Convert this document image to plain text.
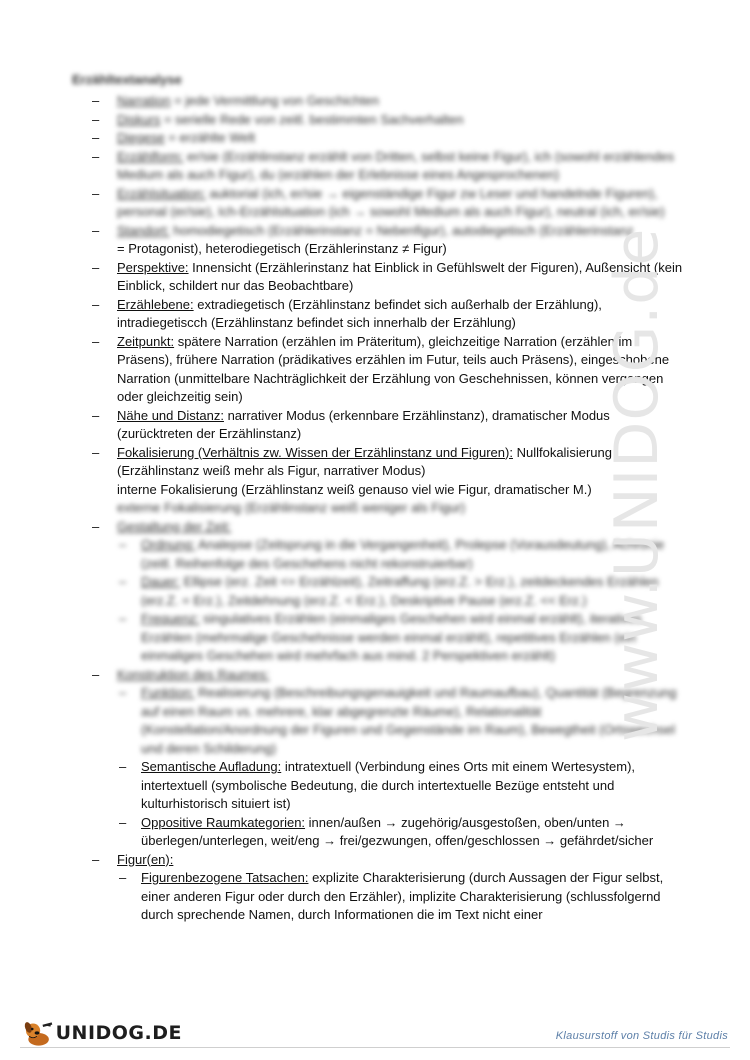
Erzähltextanalyse
– Narration = jede Vermittlung von Geschichten
– Diskurs = serielle Rede von zeitl. bestimmten Sachverhalten
– Diegese = erzählte Welt
– Erzählform: er/sie (Erzählinstanz erzählt von Dritten, selbst keine Figur), ich (sowohl erzählendes Medium als auch Figur), du (erzählen der Erlebnisse eines Angesprochenen)
– Erzählsituation: auktorial (ich, er/sie → eigenständige Figur zw Leser und handelnde Figuren), personal (er/sie), Ich-Erzählsituation (ich → sowohl Medium als auch Figur), neutral (ich, er/sie)
– Standort: homodiegetisch (Erzählerinstanz = Nebenfigur), autodiegetisch (Erzählerinstanz
= Protagonist), heterodiegetisch (Erzählerinstanz ≠ Figur)
– Perspektive: Innensicht (Erzählerinstanz hat Einblick in Gefühlswelt der Figuren), Außensicht (kein Einblick, schildert nur das Beobachtbare)
– Erzählebene: extradiegetisch (Erzählinstanz befindet sich außerhalb der Erzählung), intradiegetiscch (Erzählinstanz befindet sich innerhalb der Erzählung)
– Zeitpunkt: spätere Narration (erzählen im Präteritum), gleichzeitige Narration (erzählen im Präsens), frühere Narration (prädikatives erzählen im Futur, teils auch Präsens), eingeschobene Narration (unmittelbare Nachträglichkeit der Erzählung von Geschehnissen, können vergangen oder gleichzeitig sein)
– Nähe und Distanz: narrativer Modus (erkennbare Erzählinstanz), dramatischer Modus (zurücktreten der Erzählinstanz)
– Fokalisierung (Verhältnis zw. Wissen der Erzählinstanz und Figuren): Nullfokalisierung (Erzählinstanz weiß mehr als Figur, narrativer Modus)
interne Fokalisierung (Erzählinstanz weiß genauso viel wie Figur, dramatischer M.)
externe Fokalisierung (Erzählinstanz weiß weniger als Figur)
– Gestaltung der Zeit:
– Ordnung: Analepse (Zeitsprung in die Vergangenheit), Prolepse (Vorausdeutung), Achronie (zeitl. Reihenfolge des Geschehens nicht rekonstruierbar)
– Dauer: Ellipse (erz. Zeit <= Erzählzeit), Zeitraffung (erz.Z. > Erz.), zeitdeckendes Erzählen (erz.Z. = Erz.), Zeitdehnung (erz.Z. < Erz.), Deskriptive Pause (erz.Z. << Erz.)
– Frequenz: singulatives Erzählen (einmaliges Geschehen wird einmal erzählt), iteratives Erzählen (mehrmalige Geschehnisse werden einmal erzählt), repetitives Erzählen (ein einmaliges Geschehen wird mehrfach aus mind. 2 Perspektiven erzählt)
– Konstruktion des Raumes:
– Funktion: Realisierung (Beschreibungsgenauigkeit und Raumaufbau), Quantität (Begrenzung auf einen Raum vs. mehrere, klar abgegrenzte Räume), Relationalität (Konstellation/Anordnung der Figuren und Gegenstände im Raum), Bewegtheit (Ortswechsel und deren Schilderung)
– Semantische Aufladung: intratextuell (Verbindung eines Orts mit einem Wertesystem), intertextuell (symbolische Bedeutung, die durch intertextuelle Bezüge entsteht und kulturhistorisch situiert ist)
– Oppositive Raumkategorien: innen/außen → zugehörig/ausgestoßen, oben/unten → überlegen/unterlegen, weit/eng → frei/gezwungen, offen/geschlossen → gefährdet/sicher
– Figur(en):
– Figurenbezogene Tatsachen: explizite Charakterisierung (durch Aussagen der Figur selbst, einer anderen Figur oder durch den Erzähler), implizite Charakterisierung (schlussfolgernd durch sprechende Namen, durch Informationen die im Text nicht einer
www.UNIDOG.de
UNIDOG.DE	Klausurstoff von Studis für Studis
